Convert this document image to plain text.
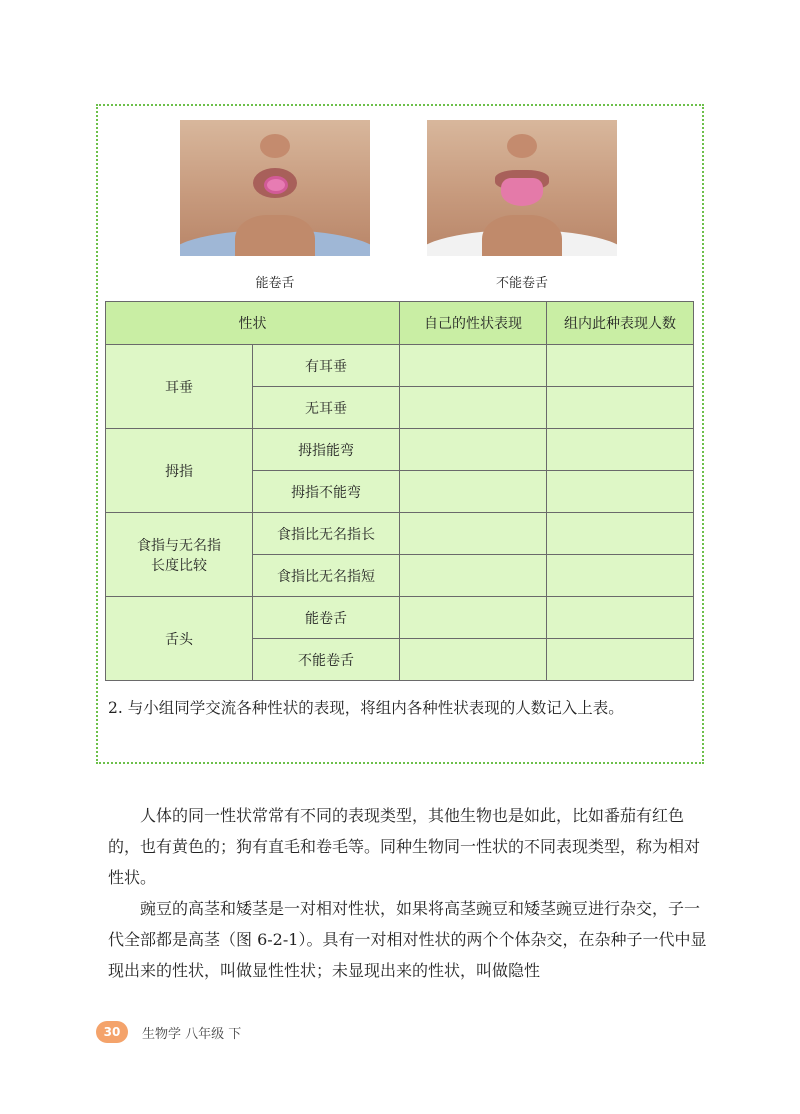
能卷舌	不能卷舌
性状		自己的性状表现	组内此种表现人数
耳垂	有耳垂		
	无耳垂		
拇指	拇指能弯		
	拇指不能弯		

食指与无名指
长度比较	食指比无名指长		
	食指比无名指短		
舌头	能卷舌		
	不能卷舌		
2. 与小组同学交流各种性状的表现，将组内各种性状表现的人数记入上表。

人体的同一性状常常有不同的表现类型，其他生物也是如此，比如番茄有红色的，也有黄色的；狗有直毛和卷毛等。同种生物同一性状的不同表现类型，称为相对性状。

豌豆的高茎和矮茎是一对相对性状，如果将高茎豌豆和矮茎豌豆进行杂交，子一代全部都是高茎（图 6-2-1）。具有一对相对性状的两个个体杂交，在杂种子一代中显现出来的性状，叫做显性性状；未显现出来的性状，叫做隐性

30	生物学 八年级 下
